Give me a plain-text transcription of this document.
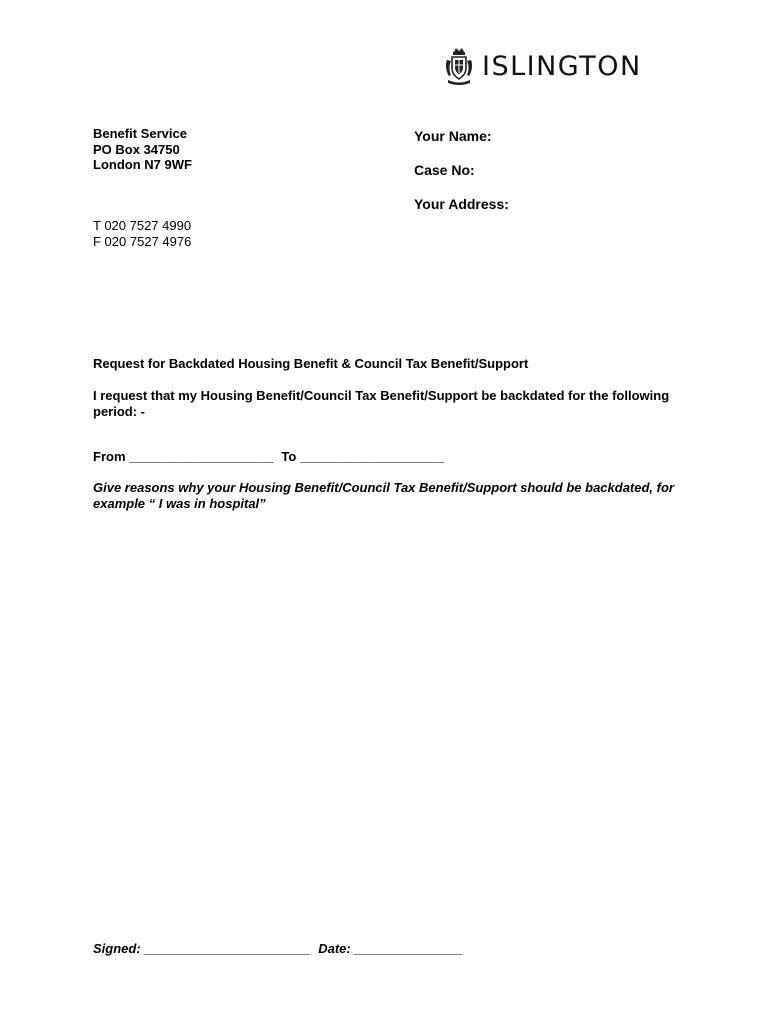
ISLINGTON
Benefit Service
PO Box 34750
London N7 9WF
T 020 7527 4990
F 020 7527 4976
Your Name:
Case No:
Your Address:
Request for Backdated Housing Benefit & Council Tax Benefit/Support
I request that my Housing Benefit/Council Tax Benefit/Support be backdated for the following period: -
From ____________________ To ____________________
Give reasons why your Housing Benefit/Council Tax Benefit/Support should be backdated, for example “ I was in hospital”
Signed: _______________________ Date: _______________
